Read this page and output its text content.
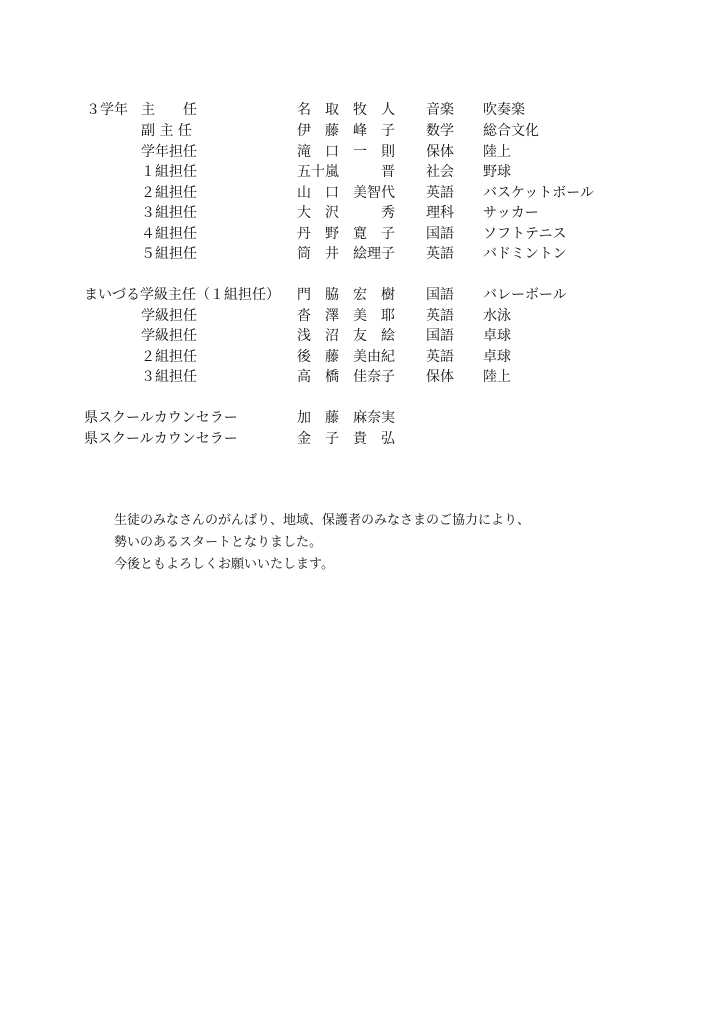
３学年 主　　任	名　取　牧　人 音楽 吹奏楽
副 主 任	伊　藤　峰　子 数学 総合文化
学年担任	滝　口　一　則 保体 陸上
１組担任	五十嵐　　　晋 社会 野球
２組担任	山　口　美智代 英語 バスケットボール
３組担任	大　沢　　　秀 理科 サッカー
４組担任	丹　野　寛　子 国語 ソフトテニス
５組担任	筒　井　絵理子 英語 バドミントン
まいづる学級主任（１組担任） 門　脇　宏　樹 国語 バレーボール
学級担任	沓　澤　美　耶 英語 水泳
学級担任	浅　沼　友　絵 国語 卓球
２組担任	後　藤　美由紀 英語 卓球
３組担任	高　橋　佳奈子 保体 陸上
県スクールカウンセラー	加　藤　麻奈実
県スクールカウンセラー	金　子　貴　弘
生徒のみなさんのがんばり、地域、保護者のみなさまのご協力により、
勢いのあるスタートとなりました。
今後ともよろしくお願いいたします。
